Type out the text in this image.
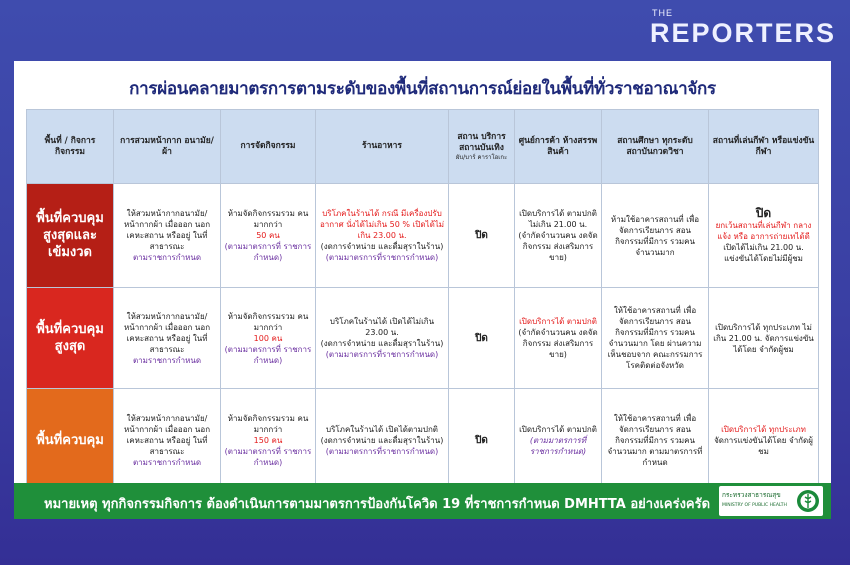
THE
REPORTERS
การผ่อนคลายมาตรการตามระดับของพื้นที่สถานการณ์ย่อยในพื้นที่ทั่วราชอาณาจักร
พื้นที่ / กิจการ กิจกรรม	การสวมหน้ากาก อนามัย/ผ้า	การจัดกิจกรรม	ร้านอาหาร	สถาน บริการ
สถานบันเทิง
ผับ/บาร์ คาราโอเกะ	ศูนย์การค้า ห้างสรรพ สินค้า	สถานศึกษา ทุกระดับ
สถาบันกวดวิชา	สถานที่เล่นกีฬา หรือแข่งขันกีฬา
พื้นที่ควบคุม สูงสุดและ เข้มงวด	ให้สวมหน้ากากอนามัย/ หน้ากากผ้า เมื่อออก นอกเคหะสถาน หรืออยู่ ในที่สาธารณะ
ตามราชการกำหนด	ห้ามจัดกิจกรรมรวม คนมากกว่า
50 คน
(ตามมาตรการที่ ราชการกำหนด)	บริโภคในร้านได้ กรณี มีเครื่องปรับอากาศ นั่งได้ไม่เกิน 50 % เปิดได้ไม่เกิน 23.00 น.
(งดการจำหน่าย และดื่มสุราในร้าน)
(ตามมาตรการที่ราชการกำหนด)	ปิด	เปิดบริการได้ ตามปกติ ไม่เกิน 21.00 น. (จำกัดจำนวนคน งดจัดกิจกรรม ส่งเสริมการขาย)	ห้ามใช้อาคารสถานที่ เพื่อจัดการเรียนการ สอน กิจกรรมที่มีการ รวมคนจำนวนมาก	ปิด
ยกเว้นสถานที่เล่นกีฬา กลางแจ้ง หรือ อาการถ่ายเทได้ดี
เปิดได้ไม่เกิน 21.00 น. แข่งขันได้โดยไม่มีผู้ชม
พื้นที่ควบคุม สูงสุด	ให้สวมหน้ากากอนามัย/ หน้ากากผ้า เมื่อออก นอกเคหะสถาน หรืออยู่ ในที่สาธารณะ
ตามราชการกำหนด	ห้ามจัดกิจกรรมรวม คนมากกว่า
100 คน
(ตามมาตรการที่ ราชการกำหนด)	บริโภคในร้านได้ เปิดได้ไม่เกิน 23.00 น.
(งดการจำหน่าย และดื่มสุราในร้าน)
(ตามมาตรการที่ราชการกำหนด)	ปิด	เปิดบริการได้ ตามปกติ
(จำกัดจำนวนคน งดจัดกิจกรรม ส่งเสริมการขาย)	ให้ใช้อาคารสถานที่ เพื่อจัดการเรียนการ สอน กิจกรรมที่มีการ รวมคนจำนวนมาก โดย ผ่านความเห็นชอบจาก คณะกรรมการ โรคติดต่อจังหวัด	เปิดบริการได้ ทุกประเภท ไม่เกิน 21.00 น. จัดการแข่งขันได้โดย จำกัดผู้ชม
พื้นที่ควบคุม	ให้สวมหน้ากากอนามัย/ หน้ากากผ้า เมื่อออก นอกเคหะสถาน หรืออยู่ ในที่สาธารณะ
ตามราชการกำหนด	ห้ามจัดกิจกรรมรวม คนมากกว่า
150 คน
(ตามมาตรการที่ ราชการกำหนด)	บริโภคในร้านได้ เปิดได้ตามปกติ
(งดการจำหน่าย และดื่มสุราในร้าน)
(ตามมาตรการที่ราชการกำหนด)	ปิด	เปิดบริการได้ ตามปกติ
(ตามมาตรการที่ ราชการกำหนด)	ให้ใช้อาคารสถานที่ เพื่อจัดการเรียนการ สอน กิจกรรมที่มีการ รวมคนจำนวนมาก ตามมาตรการที่กำหนด	เปิดบริการได้ ทุกประเภท
จัดการแข่งขันได้โดย จำกัดผู้ชม
หมายเหตุ ทุกกิจกรรมกิจการ ต้องดำเนินการตามมาตรการป้องกันโควิด 19 ที่ราชการกำหนด DMHTTA อย่างเคร่งครัด
กระทรวงสาธารณสุข
MINISTRY OF PUBLIC HEALTH
